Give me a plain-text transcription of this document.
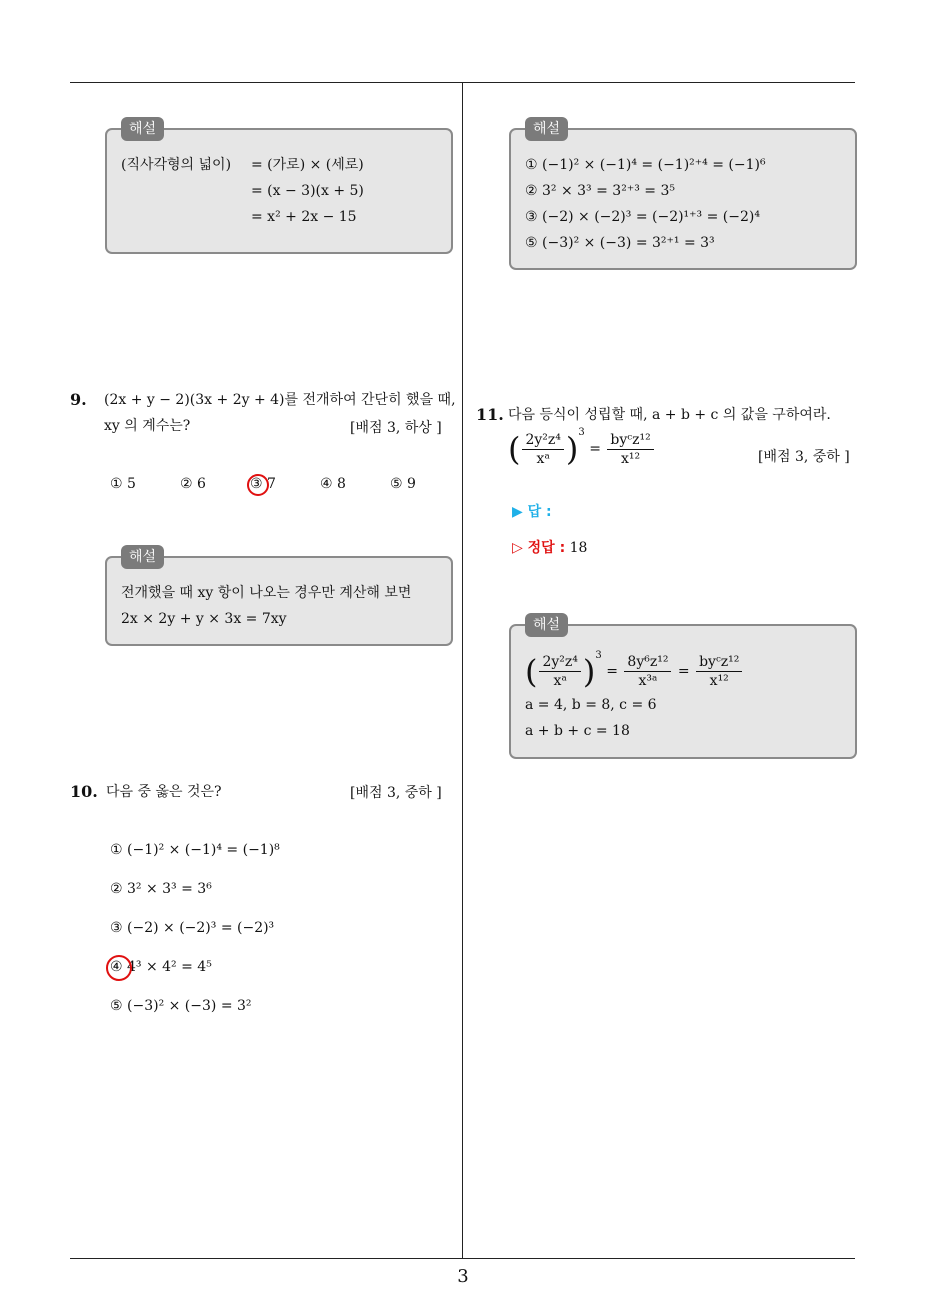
3
해설
(직사각형의 넓이) = (가로) × (세로)
= (x − 3)(x + 5)
= x² + 2x − 15
9. (2x + y − 2)(3x + 2y + 4)를 전개하여 간단히 했을 때,
xy 의 계수는?	[배점 3, 하상 ]
① 5	② 6	③ 7	④ 8	⑤ 9
해설
전개했을 때 xy 항이 나오는 경우만 계산해 보면
2x × 2y + y × 3x = 7xy
10. 다음 중 옳은 것은?	[배점 3, 중하 ]
① (−1)² × (−1)⁴ = (−1)⁸
② 3² × 3³ = 3⁶
③ (−2) × (−2)³ = (−2)³
④ 4³ × 4² = 4⁵
⑤ (−3)² × (−3) = 3²
해설
① (−1)² × (−1)⁴ = (−1)²⁺⁴ = (−1)⁶
② 3² × 3³ = 3²⁺³ = 3⁵
③ (−2) × (−2)³ = (−2)¹⁺³ = (−2)⁴
⑤ (−3)² × (−3) = 3²⁺¹ = 3³
11. 다음 등식이 성립할 때, a + b + c 의 값을 구하여라.
( $\frac{\text{2y²z⁴}}{\text{xᵃ}} )^3 = \frac{\text{byᶜz¹²}}{\text{x¹²}}$	[배점 3, 중하 ]
▶ 답 :
▷ 정답 : 18
해설
( $\frac{\text{2y²z⁴}}{\text{xᵃ}} )^3 = \frac{\text{8y⁶z¹²}}{\text{x³ᵃ}} = \frac{\text{byᶜz¹²}}{\text{x¹²}}$
a = 4, b = 8, c = 6
a + b + c = 18
